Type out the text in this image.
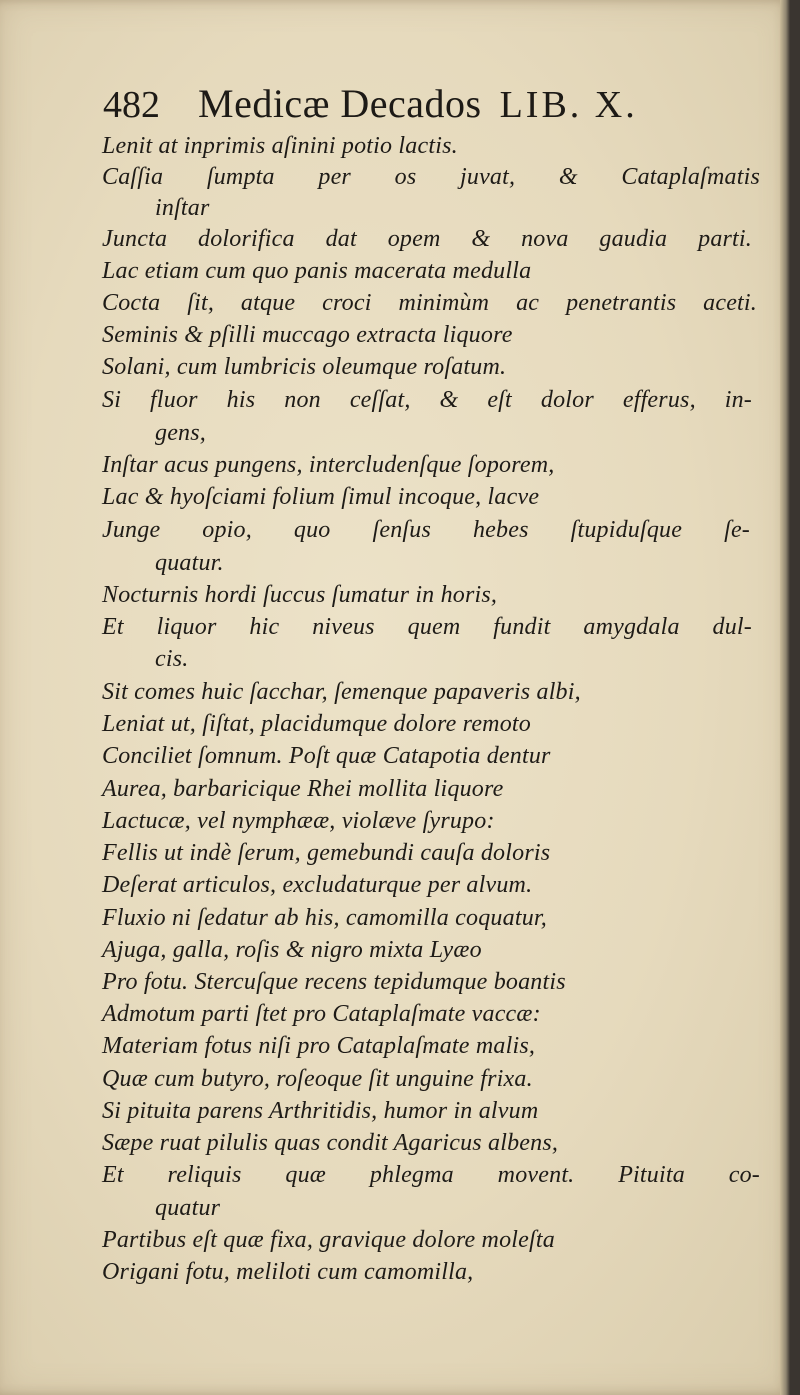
482 Medicæ Decados LIB. X.
Lenit at inprimis aſinini potio lactis.
Caſſia ſumpta per os juvat, & Cataplaſmatis
inſtar
Juncta dolorifica dat opem & nova gaudia parti.
Lac etiam cum quo panis macerata medulla
Cocta ſit, atque croci minimùm ac penetrantis aceti.
Seminis & pſilli muccago extracta liquore
Solani, cum lumbricis oleumque roſatum.
Si fluor his non ceſſat, & eſt dolor efferus, in-
gens,
Inſtar acus pungens, intercludenſque ſoporem,
Lac & hyoſciami folium ſimul incoque, lacve
Junge opio, quo ſenſus hebes ſtupiduſque ſe-
quatur.
Nocturnis hordi ſuccus ſumatur in horis,
Et liquor hic niveus quem fundit amygdala dul-
cis.
Sit comes huic ſacchar, ſemenque papaveris albi,
Leniat ut, ſiſtat, placidumque dolore remoto
Conciliet ſomnum. Poſt quæ Catapotia dentur
Aurea, barbaricique Rhei mollita liquore
Lactucæ, vel nymphææ, violæve ſyrupo:
Fellis ut indè ſerum, gemebundi cauſa doloris
Deſerat articulos, excludaturque per alvum.
Fluxio ni ſedatur ab his, camomilla coquatur,
Ajuga, galla, roſis & nigro mixta Lyæo
Pro fotu. Stercuſque recens tepidumque boantis
Admotum parti ſtet pro Cataplaſmate vaccæ:
Materiam fotus niſi pro Cataplaſmate malis,
Quæ cum butyro, roſeoque ſit unguine frixa.
Si pituita parens Arthritidis, humor in alvum
Sæpe ruat pilulis quas condit Agaricus albens,
Et reliquis quæ phlegma movent. Pituita co-
quatur
Partibus eſt quæ fixa, gravique dolore moleſta
Origani fotu, meliloti cum camomilla,
